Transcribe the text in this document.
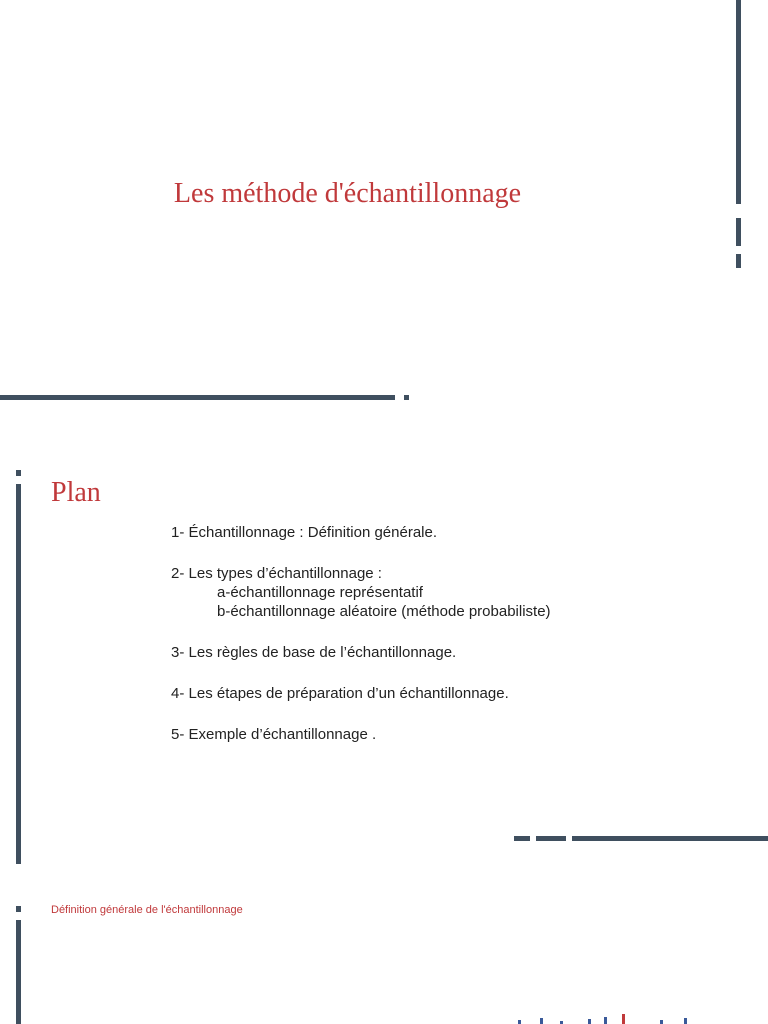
Les méthode d'échantillonnage
Plan
1- Échantillonnage : Définition générale.
2- Les types d’échantillonnage :
a-échantillonnage représentatif
b-échantillonnage aléatoire (méthode probabiliste)
3- Les règles de base de l’échantillonnage.
4- Les étapes de préparation d’un échantillonnage.
5- Exemple d’échantillonnage .
Définition générale de l'échantillonnage
